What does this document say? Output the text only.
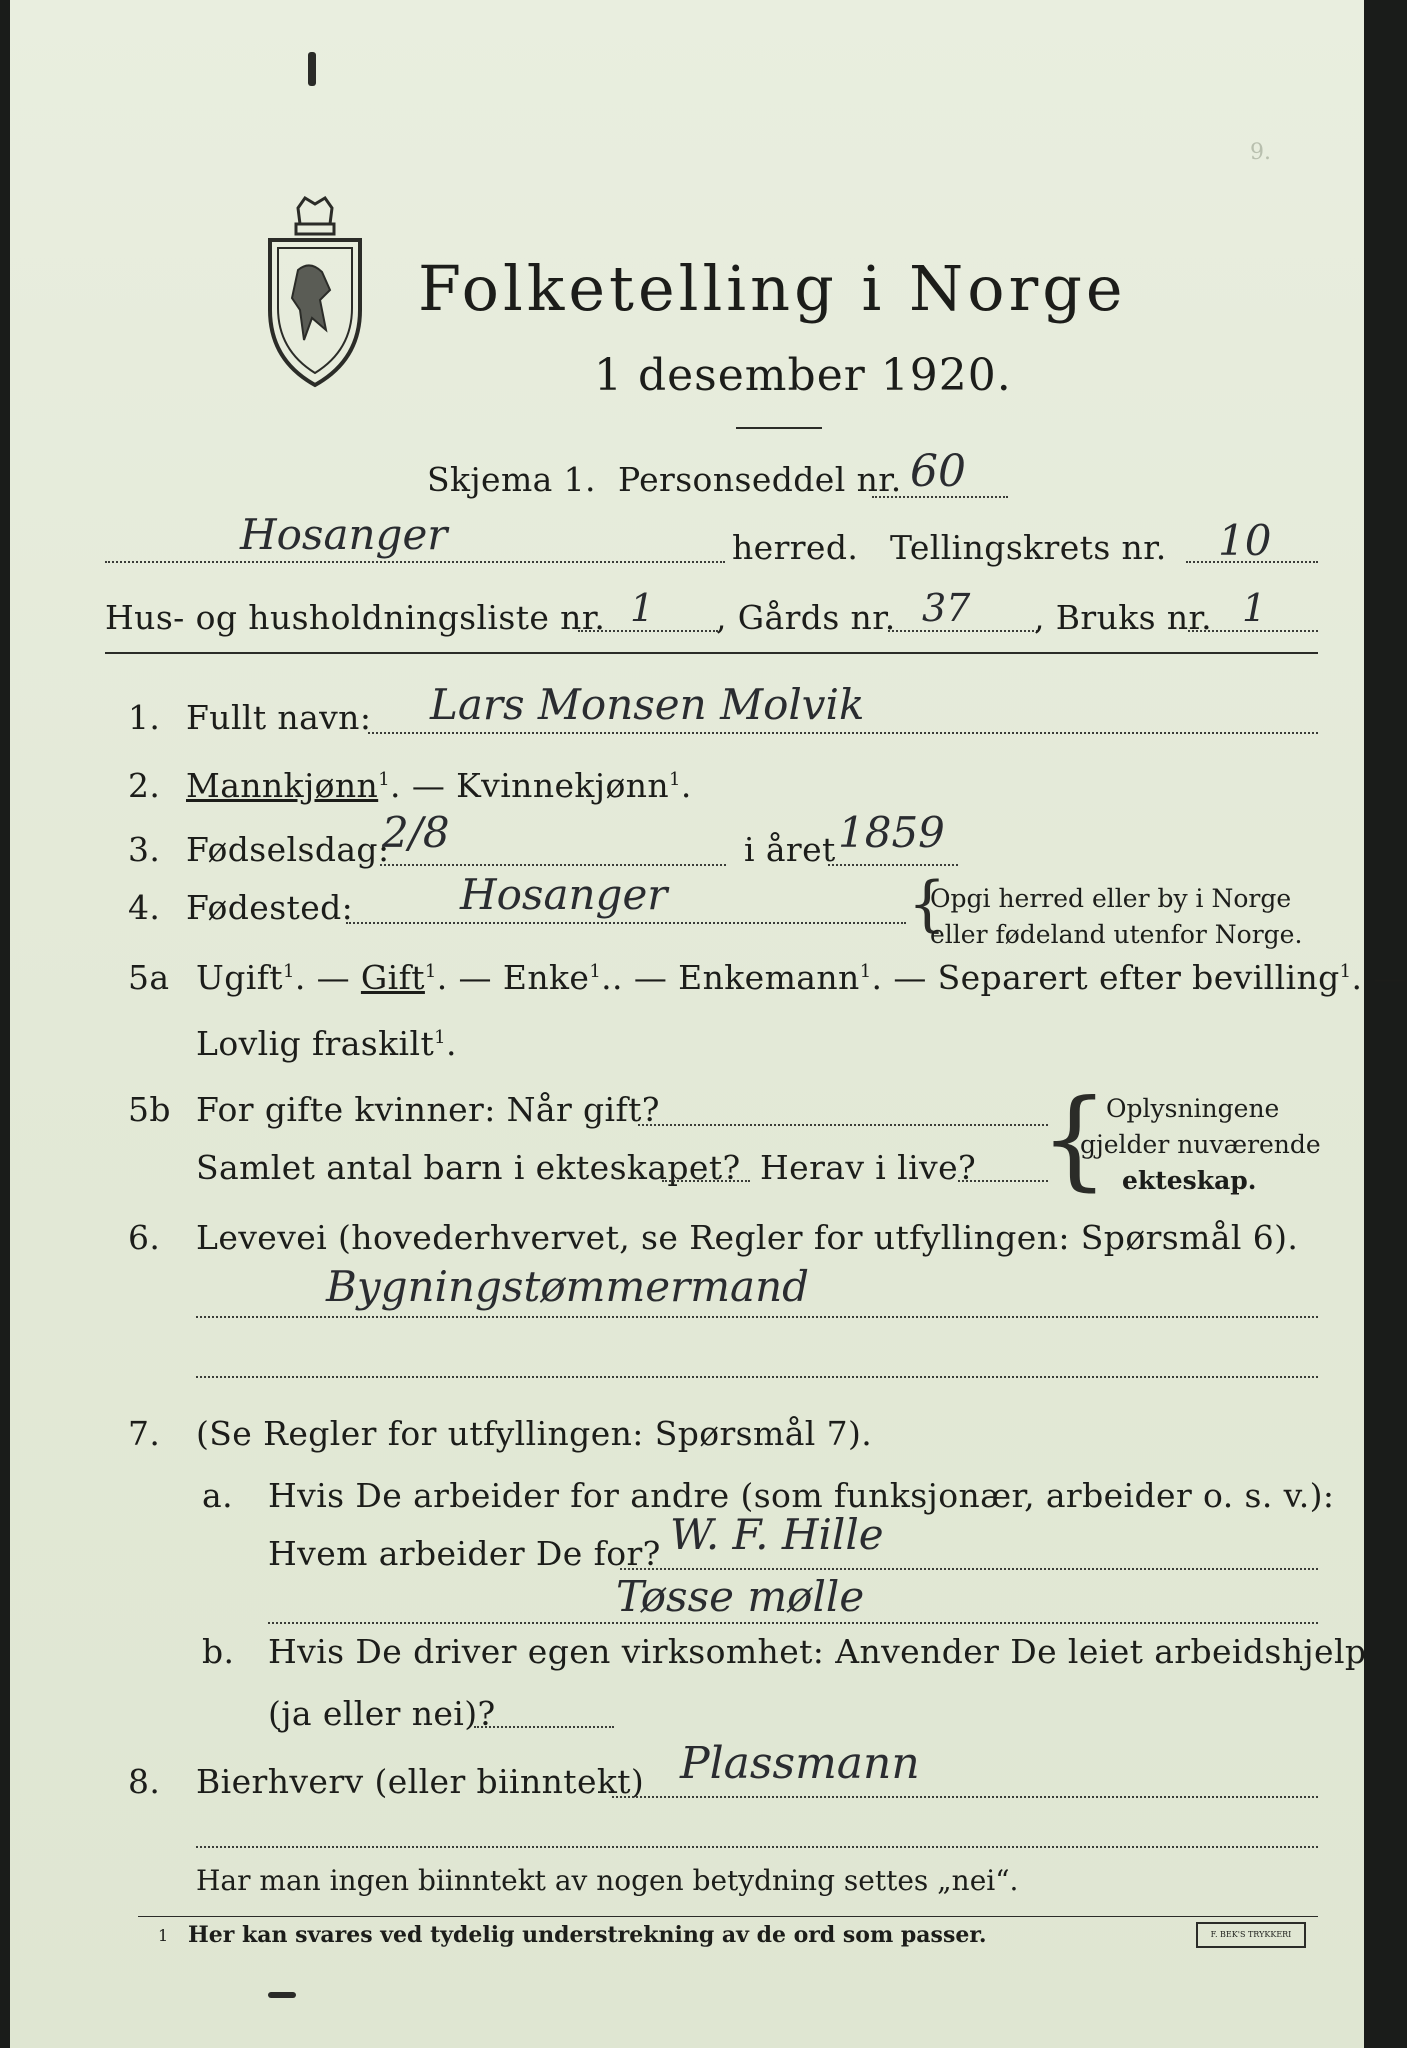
9.
Folketelling i Norge
1 desember 1920.
Skjema 1. Personseddel nr. 60
Hosanger	herred. Tellingskrets nr. 10
Hus- og husholdningsliste nr. 1 , Gårds nr. 37 , Bruks nr. 1
1. Fullt navn: Lars Monsen Molvik
2. Mannkjønn$^1$. — Kvinnekjønn$^1$.
3. Fødselsdag:
2/8	i året 1859
4. Fødested:	Hosanger	{
Opgi herred eller by i Norge
eller fødeland utenfor Norge.
5a Ugift$^1$. — Gift$^1$. — Enke$^1$.. — Enkemann$^1$. — Separert efter bevilling$^1$. —
Lovlig fraskilt$^1$.
5b For gifte kvinner: Når gift?
Samlet antal barn i ekteskapet? Herav i live? {
Oplysningene
gjelder nuværende
ekteskap.
6. Levevei (hovederhvervet, se Regler for utfyllingen: Spørsmål 6).
Bygningstømmermand
7. (Se Regler for utfyllingen: Spørsmål 7).
a. Hvis De arbeider for andre (som funksjonær, arbeider o. s. v.):
Hvem arbeider De for? W. F. Hille
Tøsse mølle
b. Hvis De driver egen virksomhet: Anvender De leiet arbeidshjelp
(ja eller nei)?
8. Bierhverv (eller biinntekt) Plassmann
Har man ingen biinntekt av nogen betydning settes „nei“.
1 Her kan svares ved tydelig understrekning av de ord som passer.	F. BEK'S TRYKKERI
